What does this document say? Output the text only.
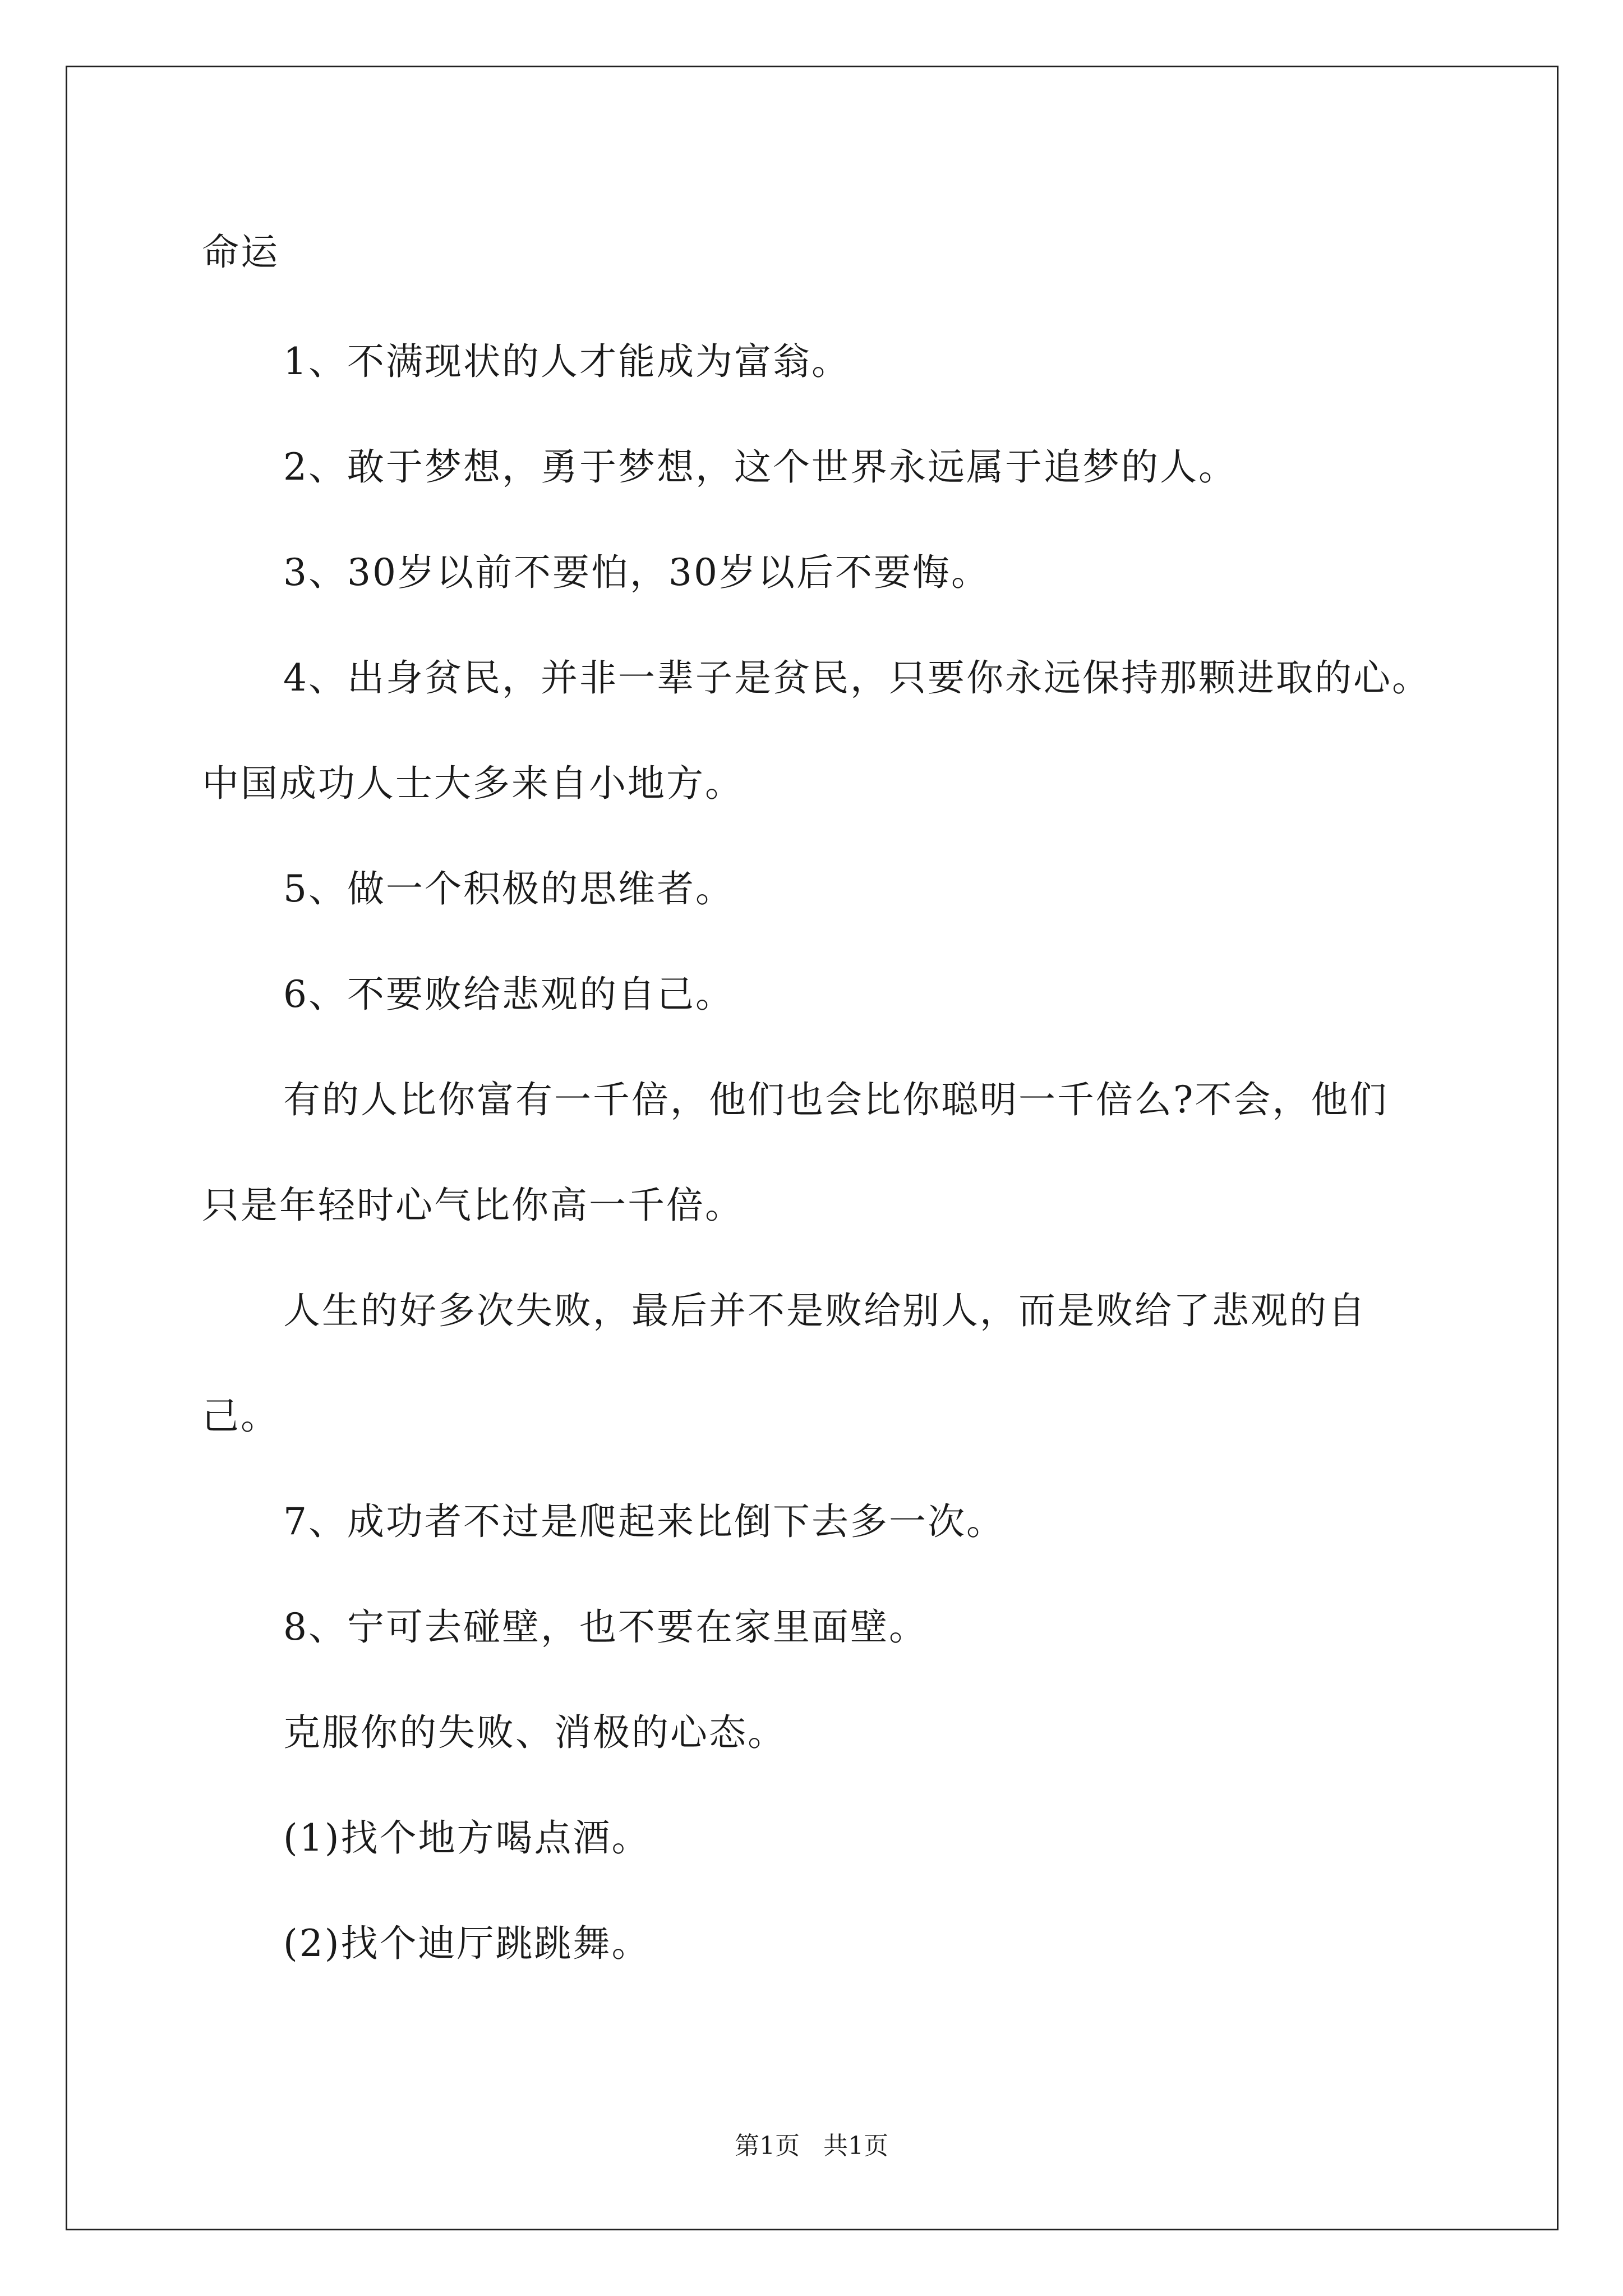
命运
1、不满现状的人才能成为富翁。
2、敢于梦想，勇于梦想，这个世界永远属于追梦的人。
3、30岁以前不要怕，30岁以后不要悔。
4、出身贫民，并非一辈子是贫民，只要你永远保持那颗进取的心。
中国成功人士大多来自小地方。
5、做一个积极的思维者。
6、不要败给悲观的自己。
有的人比你富有一千倍，他们也会比你聪明一千倍么?不会，他们
只是年轻时心气比你高一千倍。
人生的好多次失败，最后并不是败给别人，而是败给了悲观的自
己。
7、成功者不过是爬起来比倒下去多一次。
8、宁可去碰壁，也不要在家里面壁。
克服你的失败、消极的心态。
(1)找个地方喝点酒。
(2)找个迪厅跳跳舞。
第1页   共1页
